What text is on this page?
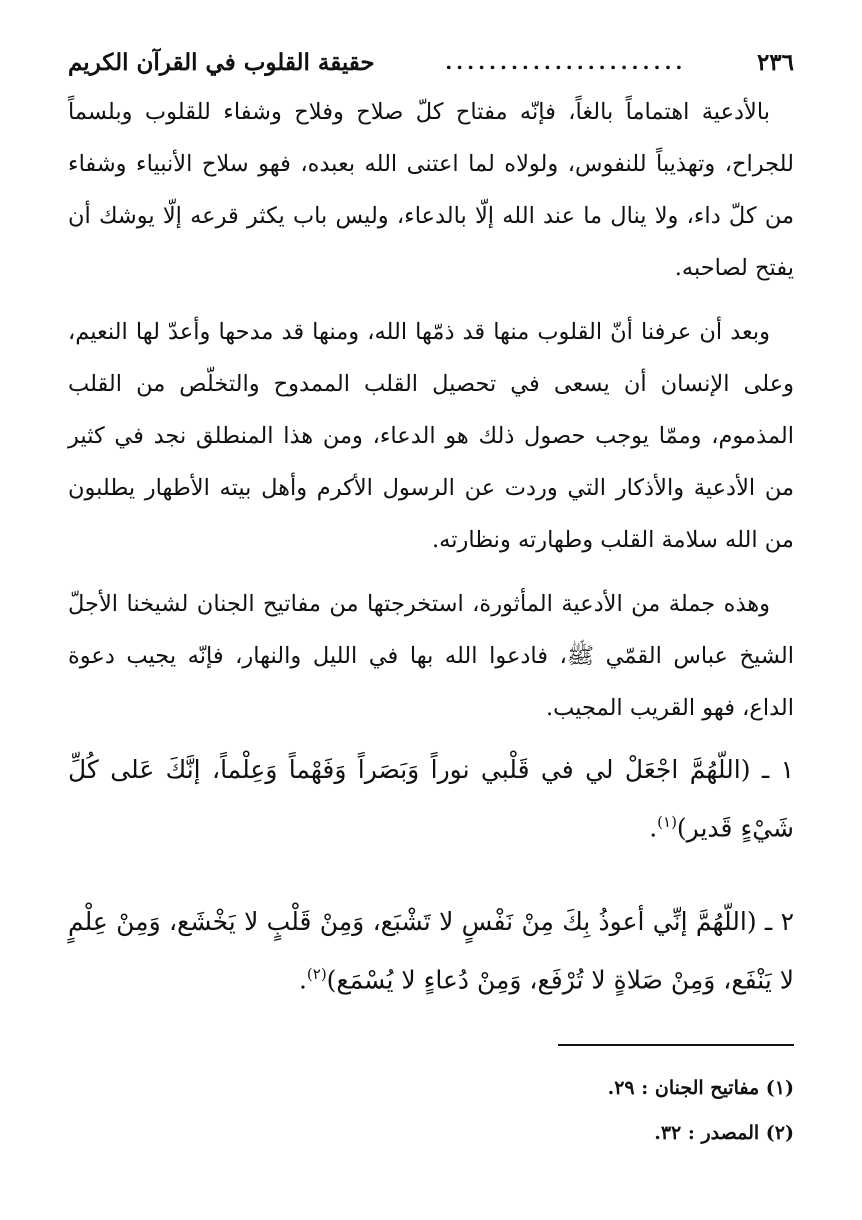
٢٣٦
......................
حقيقة القلوب في القرآن الكريم

بالأدعية اهتماماً بالغاً، فإنّه مفتاح كلّ صلاح وفلاح وشفاء للقلوب وبلسماً للجراح، وتهذيباً للنفوس، ولولاه لما اعتنى الله بعبده، فهو سلاح الأنبياء وشفاء من كلّ داء، ولا ينال ما عند الله إلّا بالدعاء، وليس باب يكثر قرعه إلّا يوشك أن يفتح لصاحبه.

وبعد أن عرفنا أنّ القلوب منها قد ذمّها الله، ومنها قد مدحها وأعدّ لها النعيم، وعلى الإنسان أن يسعى في تحصيل القلب الممدوح والتخلّص من القلب المذموم، وممّا يوجب حصول ذلك هو الدعاء، ومن هذا المنطلق نجد في كثير من الأدعية والأذكار التي وردت عن الرسول الأكرم وأهل بيته الأطهار يطلبون من الله سلامة القلب وطهارته ونظارته.

وهذه جملة من الأدعية المأثورة، استخرجتها من مفاتيح الجنان لشيخنا الأجلّ الشيخ عباس القمّي ﷺ، فادعوا الله بها في الليل والنهار، فإنّه يجيب دعوة الداع، فهو القريب المجيب.

١ ـ (اللّهُمَّ اجْعَلْ لي في قَلْبي نوراً وَبَصَراً وَفَهْماً وَعِلْماً، إنَّكَ عَلى كُلِّ شَيْءٍ قَدير)$^{(١)}$.
٢ ـ (اللّهُمَّ إنِّي أعوذُ بِكَ مِنْ نَفْسٍ لا تَشْبَع، وَمِنْ قَلْبٍ لا يَخْشَع، وَمِنْ عِلْمٍ لا يَنْفَع، وَمِنْ صَلاةٍ لا تُرْفَع، وَمِنْ دُعاءٍ لا يُسْمَع)$^{(٢)}$.
(١) مفاتيح الجنان : ٢٩.
(٢) المصدر : ٣٢.
